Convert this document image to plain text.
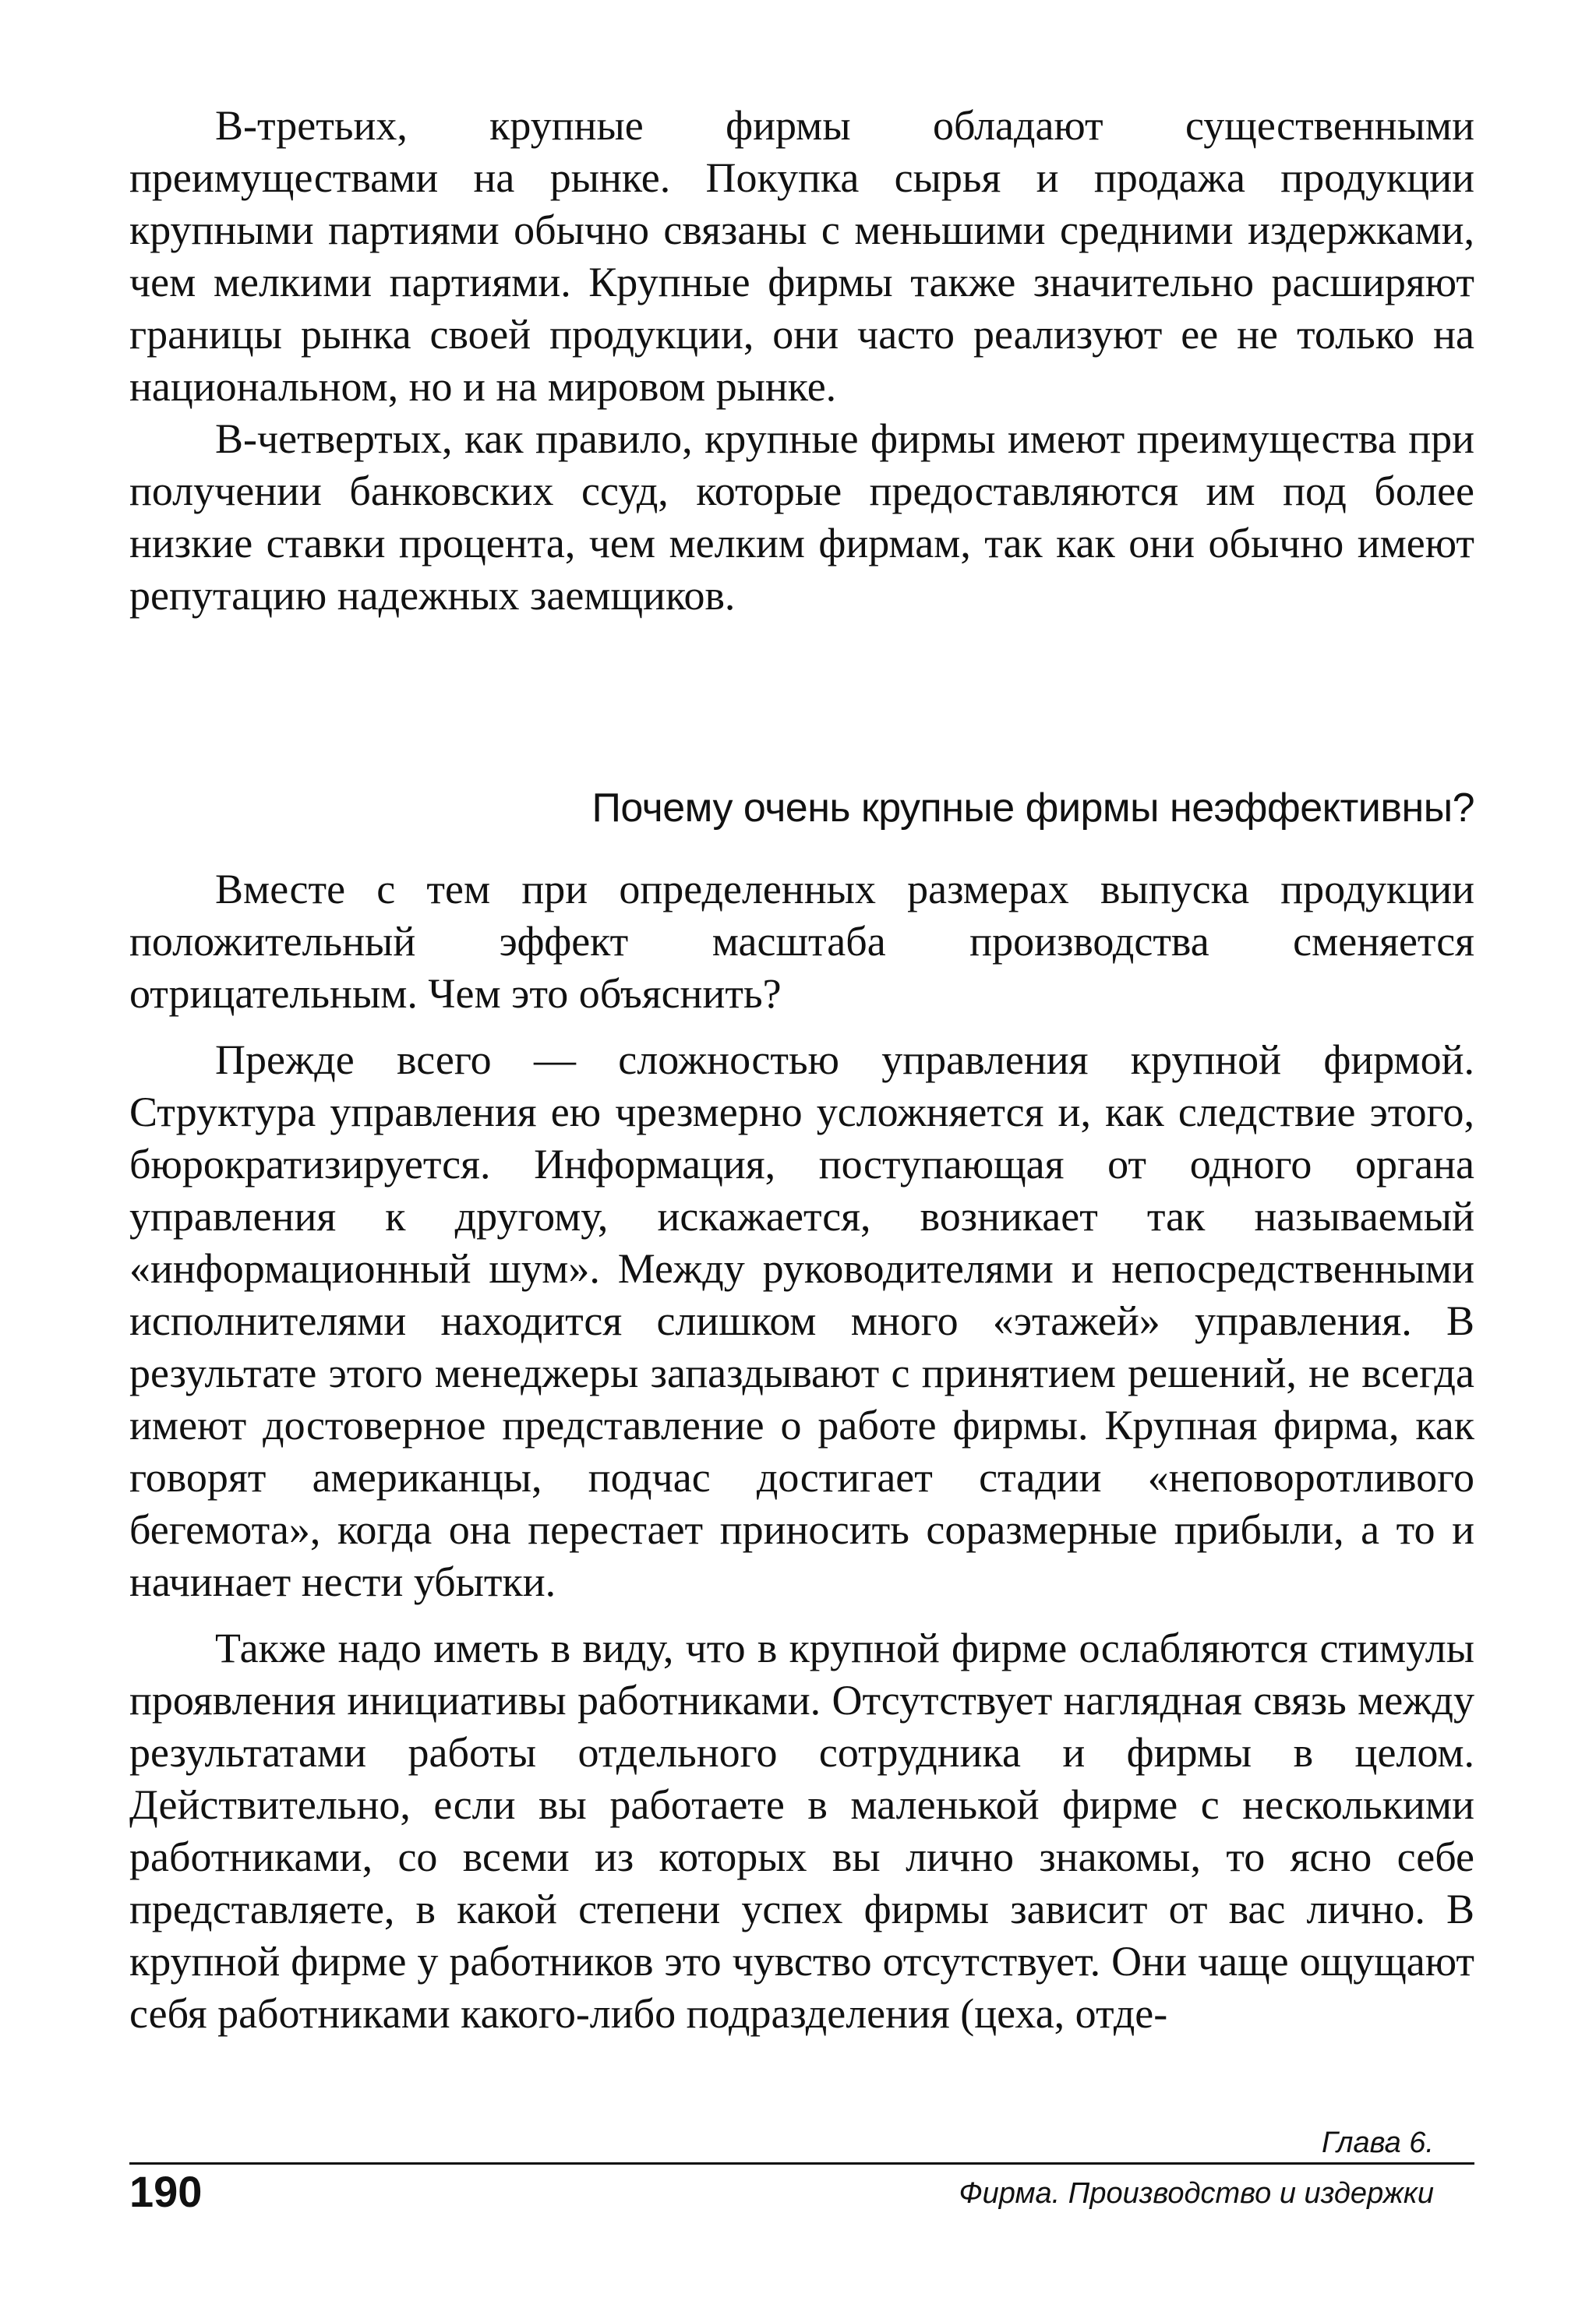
В-третьих, крупные фирмы обладают существенными преимуществами на рынке. Покупка сырья и продажа продукции крупными партиями обычно связаны с меньшими средними издержками, чем мелкими партиями. Крупные фирмы также значительно расширяют границы рынка своей продукции, они часто реализуют ее не только на национальном, но и на мировом рынке.

В-четвертых, как правило, крупные фирмы имеют преимущества при получении банковских ссуд, которые предоставляются им под более низкие ставки процента, чем мелким фирмам, так как они обычно имеют репутацию надежных заемщиков.

Почему очень крупные фирмы неэффективны?

Вместе с тем при определенных размерах выпуска продукции положительный эффект масштаба производства сменяется отрицательным. Чем это объяснить?

Прежде всего — сложностью управления крупной фирмой. Структура управления ею чрезмерно усложняется и, как следствие этого, бюрократизируется. Информация, поступающая от одного органа управления к другому, искажается, возникает так называемый «информационный шум». Между руководителями и непосредственными исполнителями находится слишком много «этажей» управления. В результате этого менеджеры запаздывают с принятием решений, не всегда имеют достоверное представление о работе фирмы. Крупная фирма, как говорят американцы, подчас достигает стадии «неповоротливого бегемота», когда она перестает приносить соразмерные прибыли, а то и начинает нести убытки.

Также надо иметь в виду, что в крупной фирме ослабляются стимулы проявления инициативы работниками. Отсутствует наглядная связь между результатами работы отдельного сотрудника и фирмы в целом. Действительно, если вы работаете в маленькой фирме с несколькими работниками, со всеми из которых вы лично знакомы, то ясно себе представляете, в какой степени успех фирмы зависит от вас лично. В крупной фирме у работников это чувство отсутствует. Они чаще ощущают себя работниками какого-либо подразделения (цеха, отде-

Глава 6.
190	Фирма. Производство и издержки
